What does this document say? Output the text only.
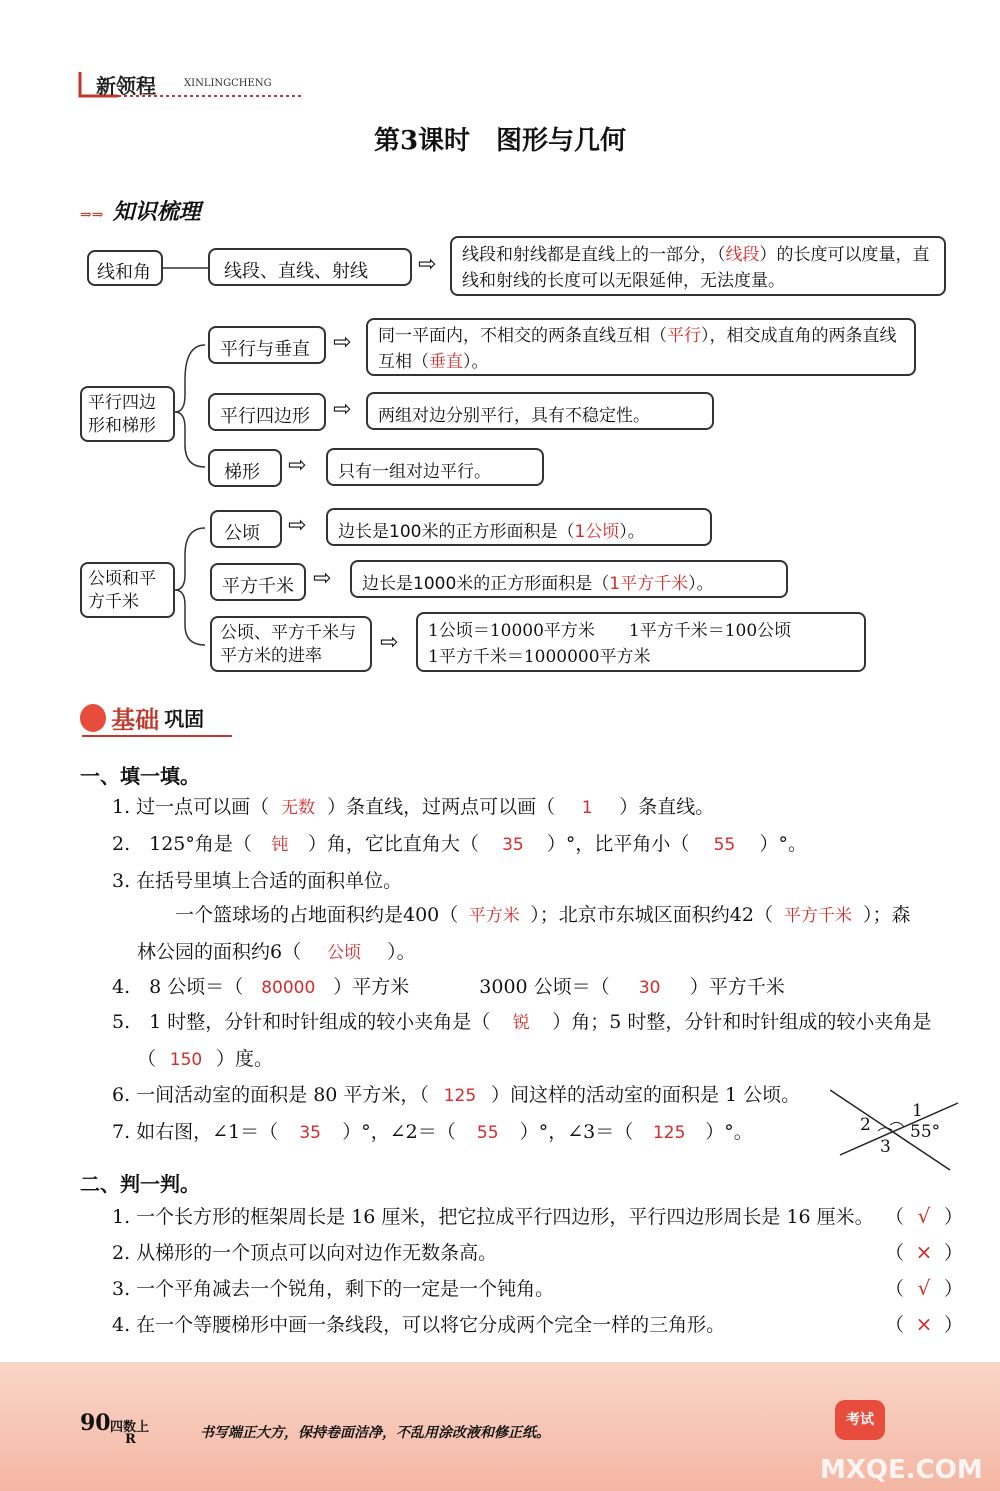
新领程	XINLINGCHENG
第3课时　图形与几何
⇒⇒ 知识梳理
线和角	线段、直线、射线	⇨	线段和射线都是直线上的一部分，（线段）的长度可以度量，直线和射线的长度可以无限延伸，无法度量。
平行四边形和梯形
平行与垂直	⇨	同一平面内，不相交的两条直线互相（平行），相交成直角的两条直线互相（垂直）。
平行四边形	⇨	两组对边分别平行，具有不稳定性。
梯形	⇨	只有一组对边平行。
公顷和平方千米
公顷	⇨	边长是100米的正方形面积是（1公顷）。
平方千米 ⇨	边长是1000米的正方形面积是（1平方千米）。
公顷、平方千米与平方米的进率
⇨ 1公顷＝10000平方米　　1平方千米＝100公顷
1平方千米＝1000000平方米
基础 巩固
一、填一填。
1. 过一点可以画（ 无数 ）条直线，过两点可以画（ 1 ）条直线。
2.　125°角是（ 钝 ）角，它比直角大（ 35 ）°，比平角小（ 55 ）°。
3. 在括号里填上合适的面积单位。
一个篮球场的占地面积约是400（ 平方米 ）；北京市东城区面积约42（ 平方千米 ）；森
林公园的面积约6（ 公顷 ）。
4.　8 公顷＝（ 80000 ）平方米	3000 公顷＝（ 30 ）平方千米
5.　1 时整，分针和时针组成的较小夹角是（ 锐 ）角；5 时整，分针和时针组成的较小夹角是
（ 150 ）度。
6. 一间活动室的面积是 80 平方米，（ 125 ）间这样的活动室的面积是 1 公顷。
7. 如右图，∠1＝（ 35 ）°，∠2＝（ 55 ）°，∠3＝（ 125 ）°。
1
2
3
55°
二、判一判。
1. 一个长方形的框架周长是 16 厘米，把它拉成平行四边形，平行四边形周长是 16 厘米。 （ √ ）
2. 从梯形的一个顶点可以向对边作无数条高。	（ × ）
3. 一个平角减去一个锐角，剩下的一定是一个钝角。	（ √ ）
4. 在一个等腰梯形中画一条线段，可以将它分成两个完全一样的三角形。	（ × ）
90 四数上
R	书写端正大方，保持卷面洁净，不乱用涂改液和修正纸。
考试
MXQE.COM
